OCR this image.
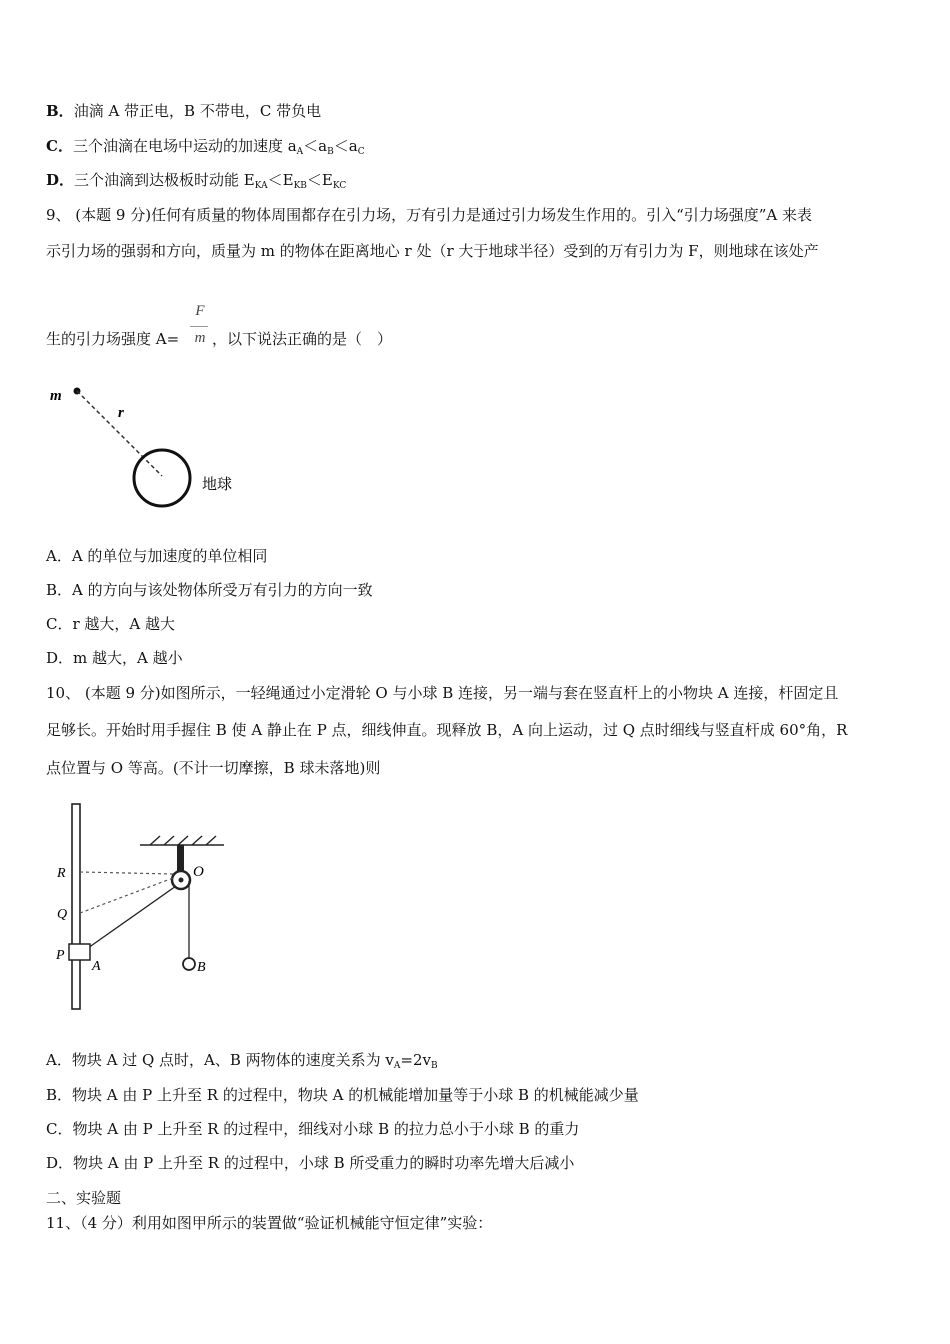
B．油滴 A 带正电，B 不带电，C 带负电
C．三个油滴在电场中运动的加速度 $a_A<a_B<a_C$
D．三个油滴到达极板时动能 $E_{KA}<E_{KB}<E_{KC}$
9、 (本题 9 分)任何有质量的物体周围都存在引力场，万有引力是通过引力场发生作用的。引入“引力场强度”A 来表
示引力场的强弱和方向，质量为 m 的物体在距离地心 r 处（r 大于地球半径）受到的万有引力为 F，则地球在该处产
生的引力场强度 A=
F
m ，以下说法正确的是（　）
m
r
地球
A．A 的单位与加速度的单位相同
B．A 的方向与该处物体所受万有引力的方向一致
C．r 越大，A 越大
D．m 越大，A 越小
10、 (本题 9 分)如图所示，一轻绳通过小定滑轮 O 与小球 B 连接，另一端与套在竖直杆上的小物块 A 连接，杆固定且
足够长。开始时用手握住 B 使 A 静止在 P 点，细线伸直。现释放 B，A 向上运动，过 Q 点时细线与竖直杆成 60°角，R
点位置与 O 等高。(不计一切摩擦，B 球未落地)则
R
Q
P
A
O
B
A．物块 A 过 Q 点时，A、B 两物体的速度关系为 $v_A=2v_B$
B．物块 A 由 P 上升至 R 的过程中，物块 A 的机械能增加量等于小球 B 的机械能减少量
C．物块 A 由 P 上升至 R 的过程中，细线对小球 B 的拉力总小于小球 B 的重力
D．物块 A 由 P 上升至 R 的过程中，小球 B 所受重力的瞬时功率先增大后减小
二、实验题
11、（4 分）利用如图甲所示的装置做“验证机械能守恒定律”实验：
